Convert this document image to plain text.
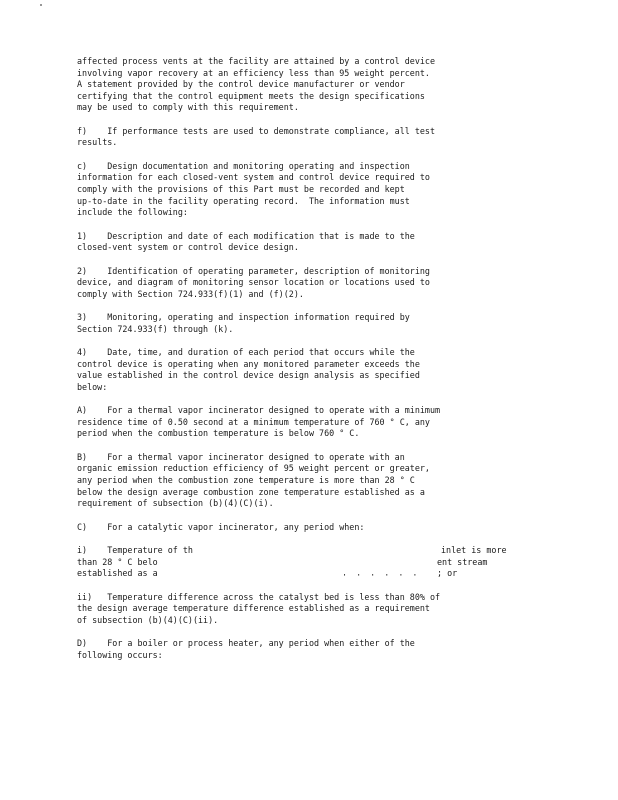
affected process vents at the facility are attained by a control device
involving vapor recovery at an efficiency less than 95 weight percent.
A statement provided by the control device manufacturer or vendor
certifying that the control equipment meets the design specifications
may be used to comply with this requirement.
f)    If performance tests are used to demonstrate compliance, all test
results.
c)    Design documentation and monitoring operating and inspection
information for each closed-vent system and control device required to
comply with the provisions of this Part must be recorded and kept
up-to-date in the facility operating record.  The information must
include the following:
1)    Description and date of each modification that is made to the
closed-vent system or control device design.
2)    Identification of operating parameter, description of monitoring
device, and diagram of monitoring sensor location or locations used to
comply with Section 724.933(f)(1) and (f)(2).
3)    Monitoring, operating and inspection information required by
Section 724.933(f) through (k).
4)    Date, time, and duration of each period that occurs while the
control device is operating when any monitored parameter exceeds the
value established in the control device design analysis as specified
below:
A)    For a thermal vapor incinerator designed to operate with a minimum
residence time of 0.50 second at a minimum temperature of 760 ° C, any
period when the combustion temperature is below 760 ° C.
B)    For a thermal vapor incinerator designed to operate with an
organic emission reduction efficiency of 95 weight percent or greater,
any period when the combustion zone temperature is more than 28 ° C
below the design average combustion zone temperature established as a
requirement of subsection (b)(4)(C)(i).
C)    For a catalytic vapor incinerator, any period when:
i)    Temperature of th	inlet is more
than 28 ° C belo	ent stream
established as a	· · · · · · ; or
ii)   Temperature difference across the catalyst bed is less than 80% of
the design average temperature difference established as a requirement
of subsection (b)(4)(C)(ii).
D)    For a boiler or process heater, any period when either of the
following occurs:
